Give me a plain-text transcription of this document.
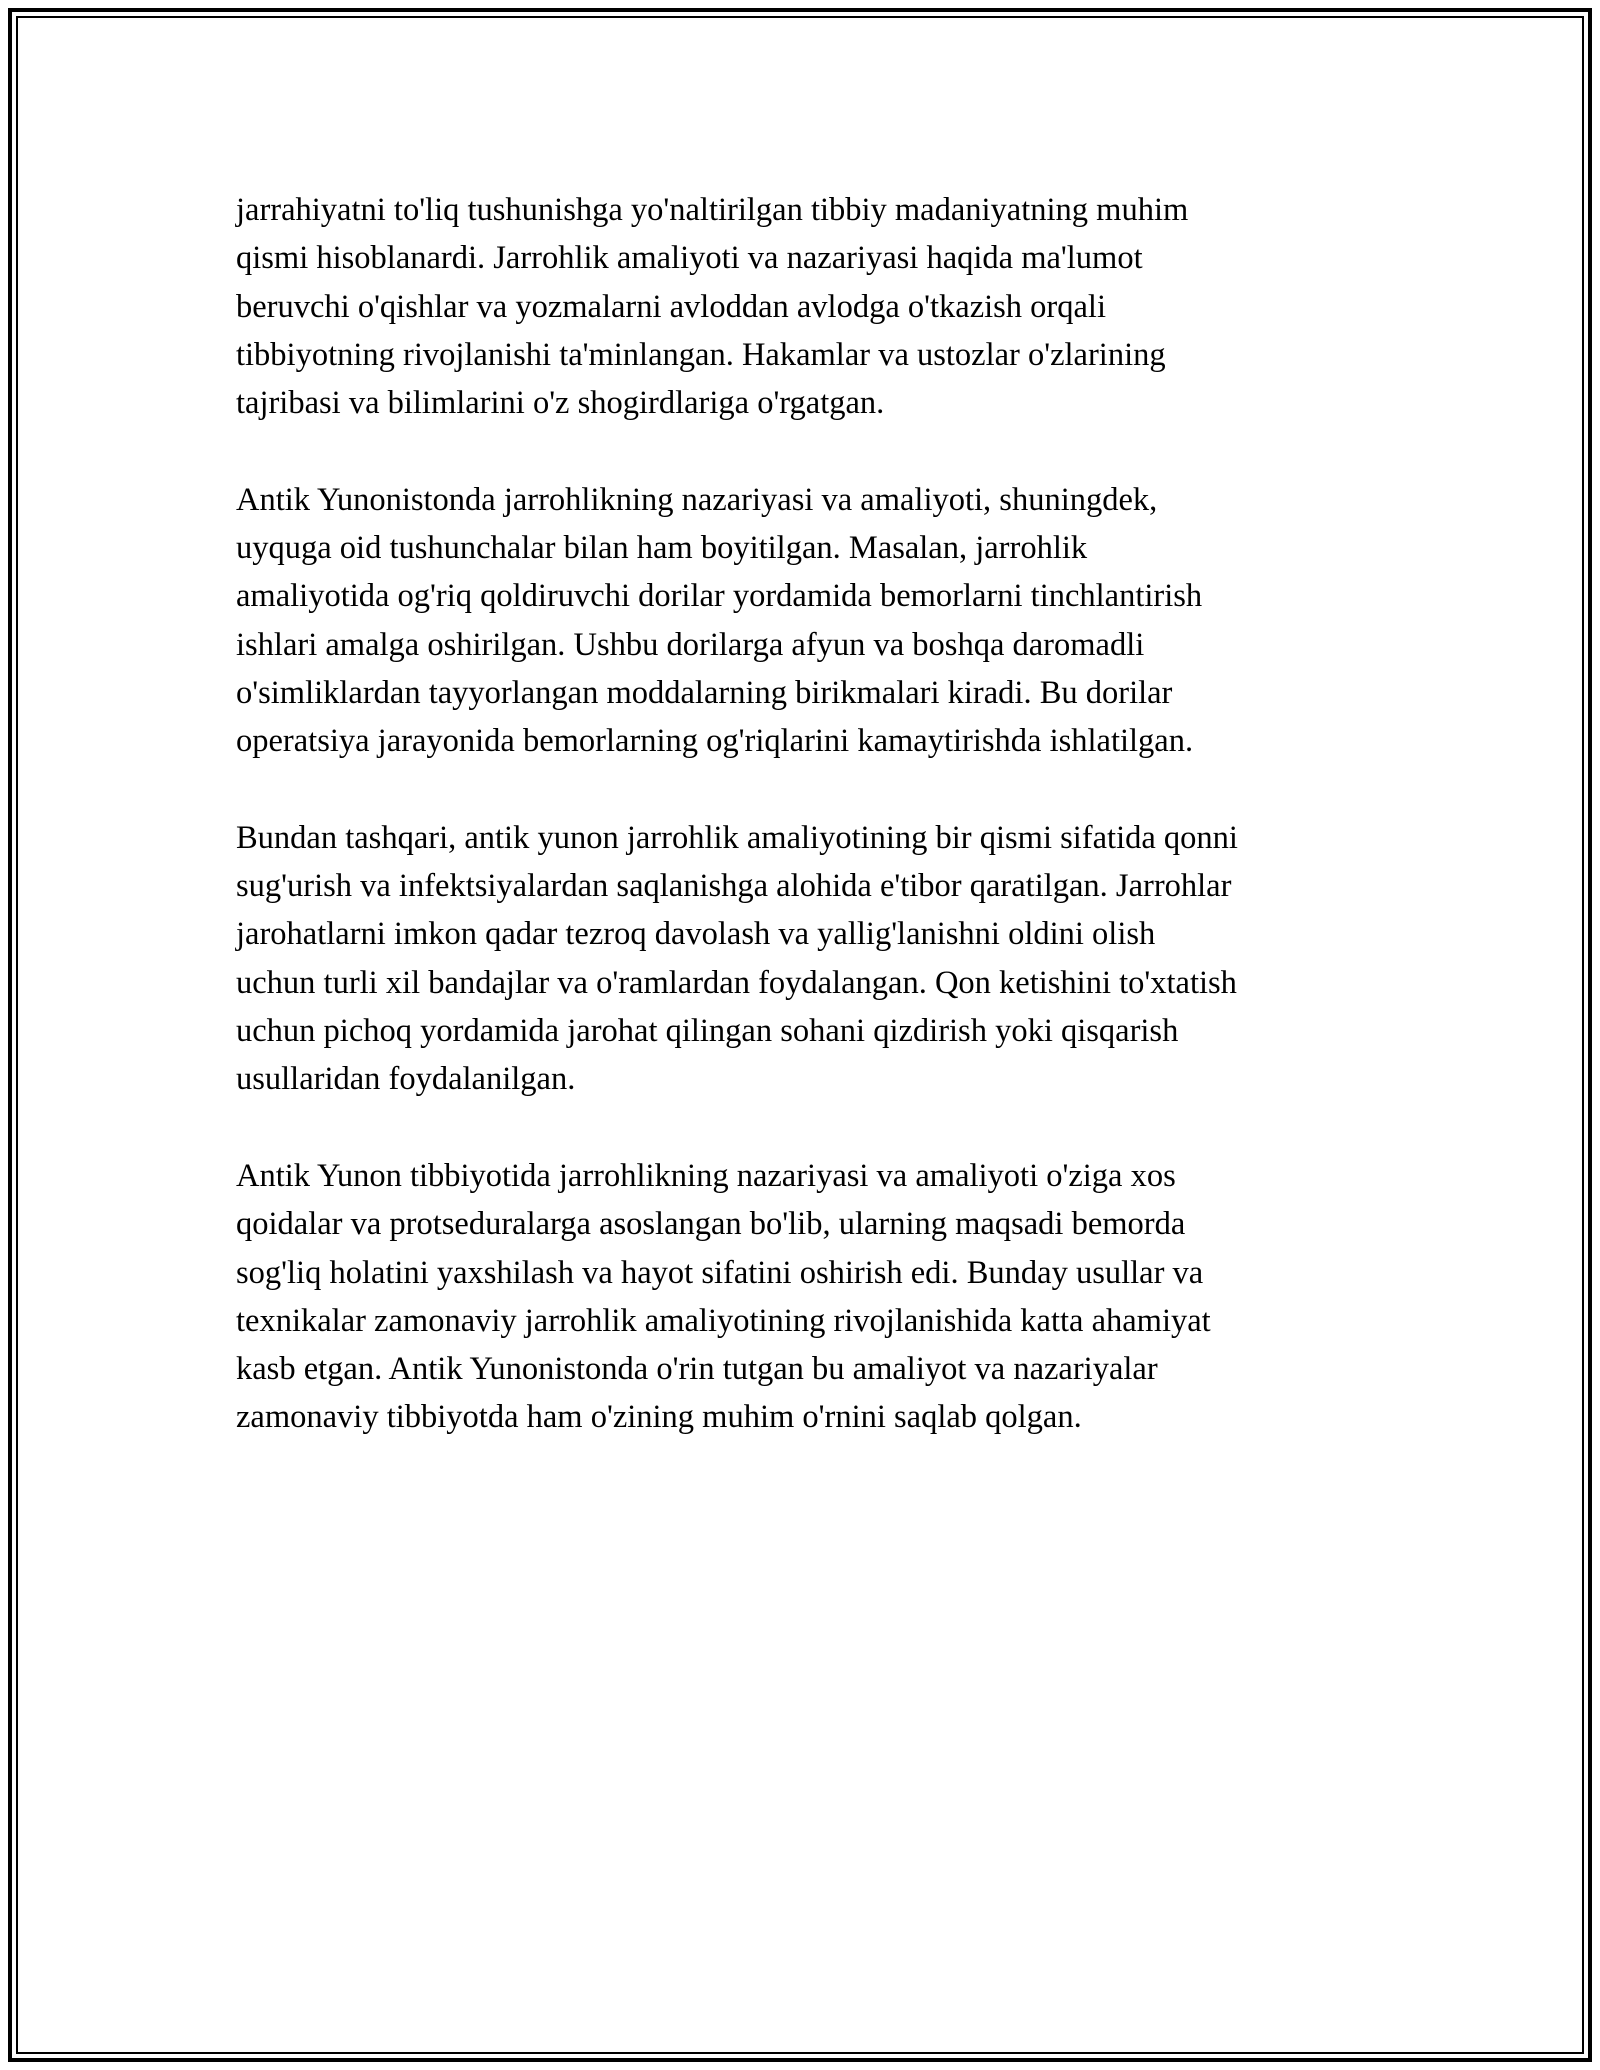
jarrahiyatni to'liq tushunishga yo'naltirilgan tibbiy madaniyatning muhim
qismi hisoblanardi. Jarrohlik amaliyoti va nazariyasi haqida ma'lumot
beruvchi o'qishlar va yozmalarni avloddan avlodga o'tkazish orqali
tibbiyotning rivojlanishi ta'minlangan. Hakamlar va ustozlar o'zlarining
tajribasi va bilimlarini o'z shogirdlariga o'rgatgan.

Antik Yunonistonda jarrohlikning nazariyasi va amaliyoti, shuningdek,
uyquga oid tushunchalar bilan ham boyitilgan. Masalan, jarrohlik
amaliyotida og'riq qoldiruvchi dorilar yordamida bemorlarni tinchlantirish
ishlari amalga oshirilgan. Ushbu dorilarga afyun va boshqa daromadli
o'simliklardan tayyorlangan moddalarning birikmalari kiradi. Bu dorilar
operatsiya jarayonida bemorlarning og'riqlarini kamaytirishda ishlatilgan.

Bundan tashqari, antik yunon jarrohlik amaliyotining bir qismi sifatida qonni
sug'urish va infektsiyalardan saqlanishga alohida e'tibor qaratilgan. Jarrohlar
jarohatlarni imkon qadar tezroq davolash va yallig'lanishni oldini olish
uchun turli xil bandajlar va o'ramlardan foydalangan. Qon ketishini to'xtatish
uchun pichoq yordamida jarohat qilingan sohani qizdirish yoki qisqarish
usullaridan foydalanilgan.

Antik Yunon tibbiyotida jarrohlikning nazariyasi va amaliyoti o'ziga xos
qoidalar va protseduralarga asoslangan bo'lib, ularning maqsadi bemorda
sog'liq holatini yaxshilash va hayot sifatini oshirish edi. Bunday usullar va
texnikalar zamonaviy jarrohlik amaliyotining rivojlanishida katta ahamiyat
kasb etgan. Antik Yunonistonda o'rin tutgan bu amaliyot va nazariyalar
zamonaviy tibbiyotda ham o'zining muhim o'rnini saqlab qolgan.
